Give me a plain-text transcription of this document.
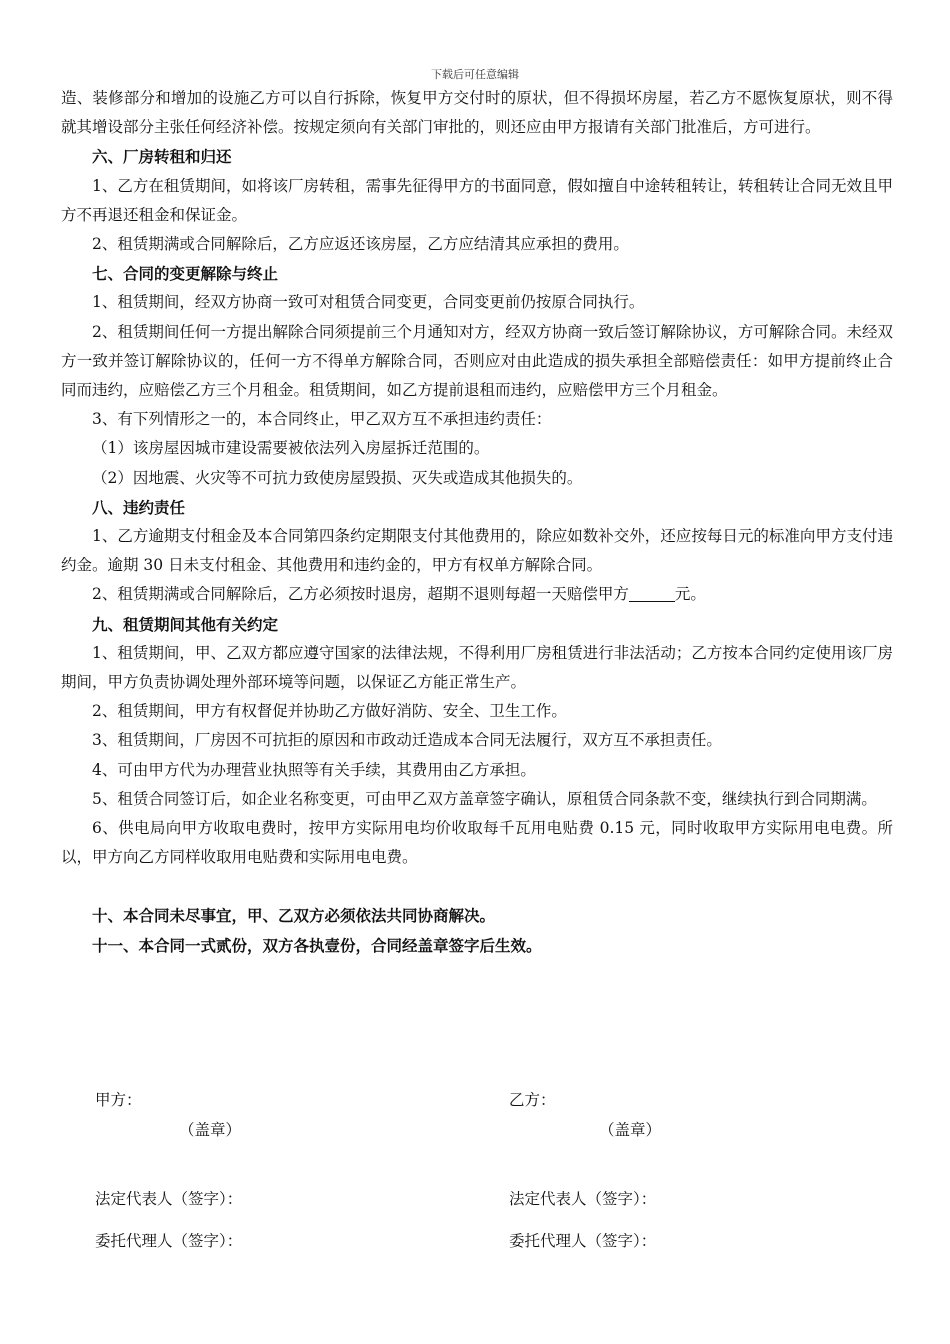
下载后可任意编辑

造、装修部分和增加的设施乙方可以自行拆除，恢复甲方交付时的原状，但不得损坏房屋，若乙方不愿恢复原状，则不得就其增设部分主张任何经济补偿。按规定须向有关部门审批的，则还应由甲方报请有关部门批准后，方可进行。

六、厂房转租和归还

1、乙方在租赁期间，如将该厂房转租，需事先征得甲方的书面同意，假如擅自中途转租转让，转租转让合同无效且甲方不再退还租金和保证金。

2、租赁期满或合同解除后，乙方应返还该房屋，乙方应结清其应承担的费用。

七、合同的变更解除与终止

1、租赁期间，经双方协商一致可对租赁合同变更，合同变更前仍按原合同执行。

2、租赁期间任何一方提出解除合同须提前三个月通知对方，经双方协商一致后签订解除协议，方可解除合同。未经双方一致并签订解除协议的，任何一方不得单方解除合同，否则应对由此造成的损失承担全部赔偿责任：如甲方提前终止合同而违约，应赔偿乙方三个月租金。租赁期间，如乙方提前退租而违约，应赔偿甲方三个月租金。

3、有下列情形之一的，本合同终止，甲乙双方互不承担违约责任：

（1）该房屋因城市建设需要被依法列入房屋拆迁范围的。

（2）因地震、火灾等不可抗力致使房屋毁损、灭失或造成其他损失的。

八、违约责任

1、乙方逾期支付租金及本合同第四条约定期限支付其他费用的，除应如数补交外，还应按每日元的标准向甲方支付违约金。逾期 30 日未支付租金、其他费用和违约金的，甲方有权单方解除合同。

2、租赁期满或合同解除后，乙方必须按时退房，超期不退则每超一天赔偿甲方	元。

九、租赁期间其他有关约定

1、租赁期间，甲、乙双方都应遵守国家的法律法规，不得利用厂房租赁进行非法活动；乙方按本合同约定使用该厂房期间，甲方负责协调处理外部环境等问题，以保证乙方能正常生产。

2、租赁期间，甲方有权督促并协助乙方做好消防、安全、卫生工作。

3、租赁期间，厂房因不可抗拒的原因和市政动迁造成本合同无法履行，双方互不承担责任。

4、可由甲方代为办理营业执照等有关手续，其费用由乙方承担。

5、租赁合同签订后，如企业名称变更，可由甲乙双方盖章签字确认，原租赁合同条款不变，继续执行到合同期满。

6、供电局向甲方收取电费时，按甲方实际用电均价收取每千瓦用电贴费 0.15 元，同时收取甲方实际用电电费。所以，甲方向乙方同样收取用电贴费和实际用电电费。

十、本合同未尽事宜，甲、乙双方必须依法共同协商解决。

十一、本合同一式贰份，双方各执壹份，合同经盖章签字后生效。

甲方：
（盖章）
法定代表人（签字）：
委托代理人（签字）：
乙方：
（盖章）
法定代表人（签字）：
委托代理人（签字）：
